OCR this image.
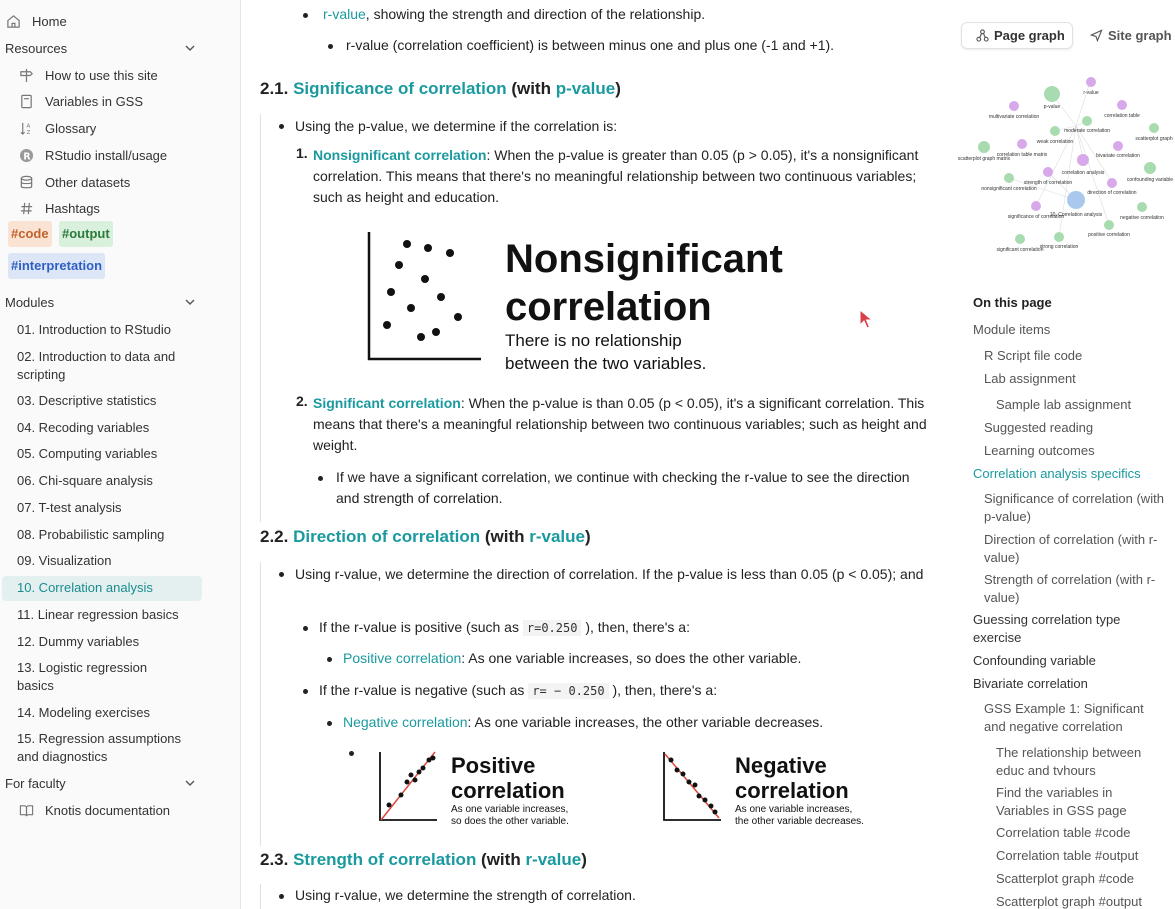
Home
Resources
How to use this site
Variables in GSS
A
Z Glossary
R RStudio install/usage
Other datasets
Hashtags
#code #output
#interpretation
Modules
01. Introduction to RStudio
02. Introduction to data and scripting
03. Descriptive statistics
04. Recoding variables
05. Computing variables
06. Chi-square analysis
07. T-test analysis
08. Probabilistic sampling
09. Visualization
10. Correlation analysis
11. Linear regression basics
12. Dummy variables
13. Logistic regression basics
14. Modeling exercises
15. Regression assumptions and diagnostics
For faculty
Knotis documentation
r-value, showing the strength and direction of the relationship.
r-value (correlation coefficient) is between minus one and plus one (-1 and +1).
2.1. Significance of correlation (with p-value)
Using the p-value, we determine if the correlation is:
1. Nonsignificant correlation: When the p-value is greater than 0.05 (p > 0.05), it's a nonsignificant correlation. This means that there's no meaningful relationship between two continuous variables; such as height and education.
Nonsignificant
correlation
There is no relationship
between the two variables.
2. Significant correlation: When the p-value is than 0.05 (p < 0.05), it's a significant correlation. This means that there's a meaningful relationship between two continuous variables; such as height and weight.
If we have a significant correlation, we continue with checking the r-value to see the direction and strength of correlation.
2.2. Direction of correlation (with r-value)
Using r-value, we determine the direction of correlation. If the p-value is less than 0.05 (p < 0.05); and
If the r-value is positive (such as r=0.250 ), then, there's a:
Positive correlation: As one variable increases, so does the other variable.
If the r-value is negative (such as r= − 0.250 ), then, there's a:
Negative correlation: As one variable increases, the other variable decreases.
Positive
correlation
As one variable increases,
so does the other variable.
Negative
correlation
As one variable increases,
the other variable decreases.
2.3. Strength of correlation (with r-value)
Using r-value, we determine the strength of correlation.
Page graph	Site graph
r-value
p-value
multivariate correlation	correlation table
moderate correlation
scatterplot graph
weak correlation
scatterplot graph matrix
correlation table matrix	bivariate correlation
correlation analysis
confounding variable
strength of correlation
nonsignificant correlation
direction of correlation
10. Correlation analysis
significance of correlation	negative correlation
positive correlation
significant correlation
strong correlation
On this page
Module items
R Script file code
Lab assignment
Sample lab assignment
Suggested reading
Learning outcomes
Correlation analysis specifics
Significance of correlation (with p-value)
Direction of correlation (with r-value)
Strength of correlation (with r-value)
Guessing correlation type exercise
Confounding variable
Bivariate correlation
GSS Example 1: Significant and negative correlation
The relationship between educ and tvhours
Find the variables in Variables in GSS page
Correlation table #code
Correlation table #output
Scatterplot graph #code
Scatterplot graph #output
